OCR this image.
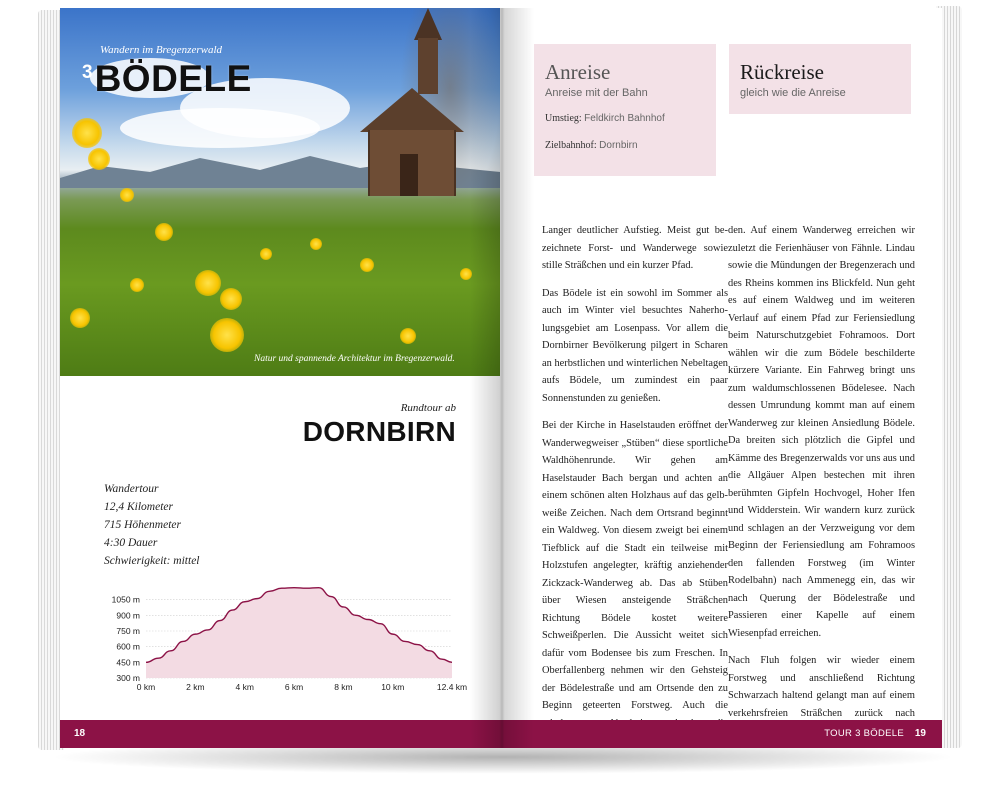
Wandern im Bregenzerwald
3 BÖDELE
Natur und spannende Architektur im Bregenzerwald.
Rundtour ab
DORNBIRN
Wandertour
12,4 Kilometer
715 Höhenmeter
4:30 Dauer
Schwierigkeit: mittel
300 m
450 m
600 m
750 m
900 m
1050 m
0 km	2 km	4 km	6 km	8 km	10 km	12.4 km
18
Anreise
Anreise mit der Bahn
Umstieg: Feldkirch Bahnhof
Zielbahnhof: Dornbirn
Rückreise
gleich wie die Anreise

Langer deutlicher Aufstieg. Meist gut bezeichnete Forst- und Wanderwege sowie stille Sträßchen und ein kurzer Pfad.

Das Bödele ist ein sowohl im Sommer als auch im Winter viel besuchtes Naherholungsgebiet am Losenpass. Vor allem die Dornbirner Bevölkerung pilgert in Scharen an herbstlichen und winterlichen Nebeltagen aufs Bödele, um zumindest ein paar Sonnenstunden zu genießen.

Bei der Kirche in Haselstauden eröffnet der Wanderwegweiser „Stüben“ diese sportliche Waldhöhenrunde. Wir gehen am Haselstauder Bach bergan und achten an einem schönen alten Holzhaus auf das gelb-weiße Zeichen. Nach dem Ortsrand beginnt ein Waldweg. Von diesem zweigt bei einem Tiefblick auf die Stadt ein teilweise mit Holzstufen angelegter, kräftig anziehender Zickzack-Wanderweg ab. Das ab Stüben über Wiesen ansteigende Sträßchen Richtung Bödele kostet weitere Schweißperlen. Die Aussicht weitet sich dafür vom Bodensee bis zum Freschen. In Oberfallenberg nehmen wir den Gehsteig der Bödelestraße und am Ortsende den zu Beginn geteerten Forstweg. Auch die

den. Auf einem Wanderweg erreichen wir zuletzt die Ferienhäuser von Fähnle. Lindau sowie die Mündungen der Bregenzerach und des Rheins kommen ins Blickfeld. Nun geht es auf einem Waldweg und im weiteren Verlauf auf einem Pfad zur Feriensiedlung beim Naturschutzgebiet Fohramoos. Dort wählen wir die zum Bödele beschilderte kürzere Variante. Ein Fahrweg bringt uns zum waldumschlossenen Bödelesee. Nach dessen Umrundung kommt man auf einem Wanderweg zur kleinen Ansiedlung Bödele. Da breiten sich plötzlich die Gipfel und Kämme des Bregenzerwalds vor uns aus und die Allgäuer Alpen bestechen mit ihren berühmten Gipfeln Hochvogel, Hoher Ifen und Widderstein. Wir wandern kurz zurück und schlagen an der Verzweigung vor dem Beginn der Feriensiedlung am Fohramoos den fallenden Forstweg (im Winter Rodelbahn) nach Ammenegg ein, das wir nach Querung der Bödelestraße und Passieren einer Kapelle auf einem Wiesenpfad erreichen.

Nach Fluh folgen wir wieder einem Forstweg und anschließend Richtung Schwarzach haltend gelangt man auf einem verkehrsfreien Sträßchen zurück nach

TOUR 3 BÖDELE 19
